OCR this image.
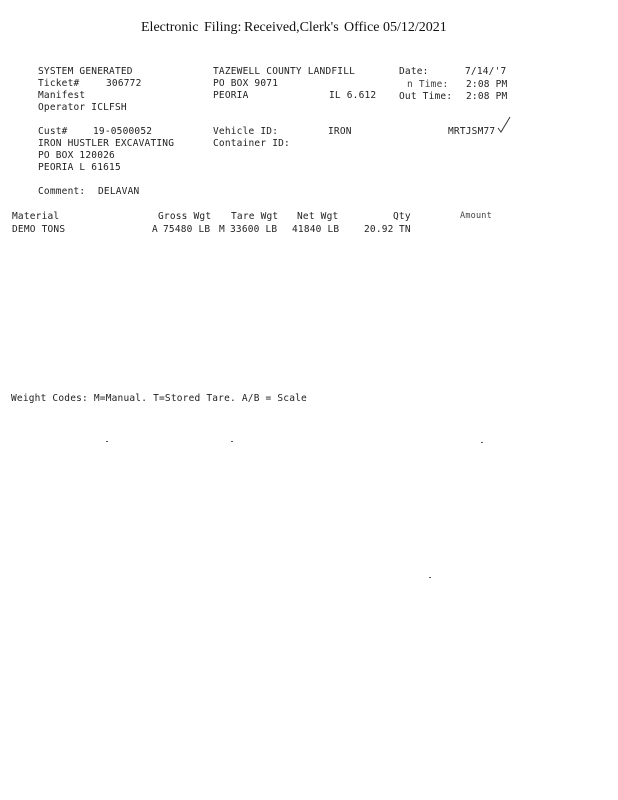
Electronic Filing: Received,Clerk's Office 05/12/2021
SYSTEM GENERATED
Ticket#	306772
Manifest
Operator ICLFSH
TAZEWELL COUNTY LANDFILL
PO BOX 9071
PEORIA	IL 6.612
Date:	7/14/'7
n Time: 2:08 PM
Out Time: 2:08 PM
Cust#	19-0500052
IRON HUSTLER EXCAVATING
PO BOX 120026
PEORIA L 61615
Vehicle ID:	IRON	MRTJSM77
Container ID:
Comment: DELAVAN
Material	Gross Wgt Tare Wgt Net Wgt	Qty	Amount
DEMO TONS	A 75480 LB M 33600 LB 41840 LB	20.92 TN
Weight Codes: M=Manual. T=Stored Tare. A/B = Scale
